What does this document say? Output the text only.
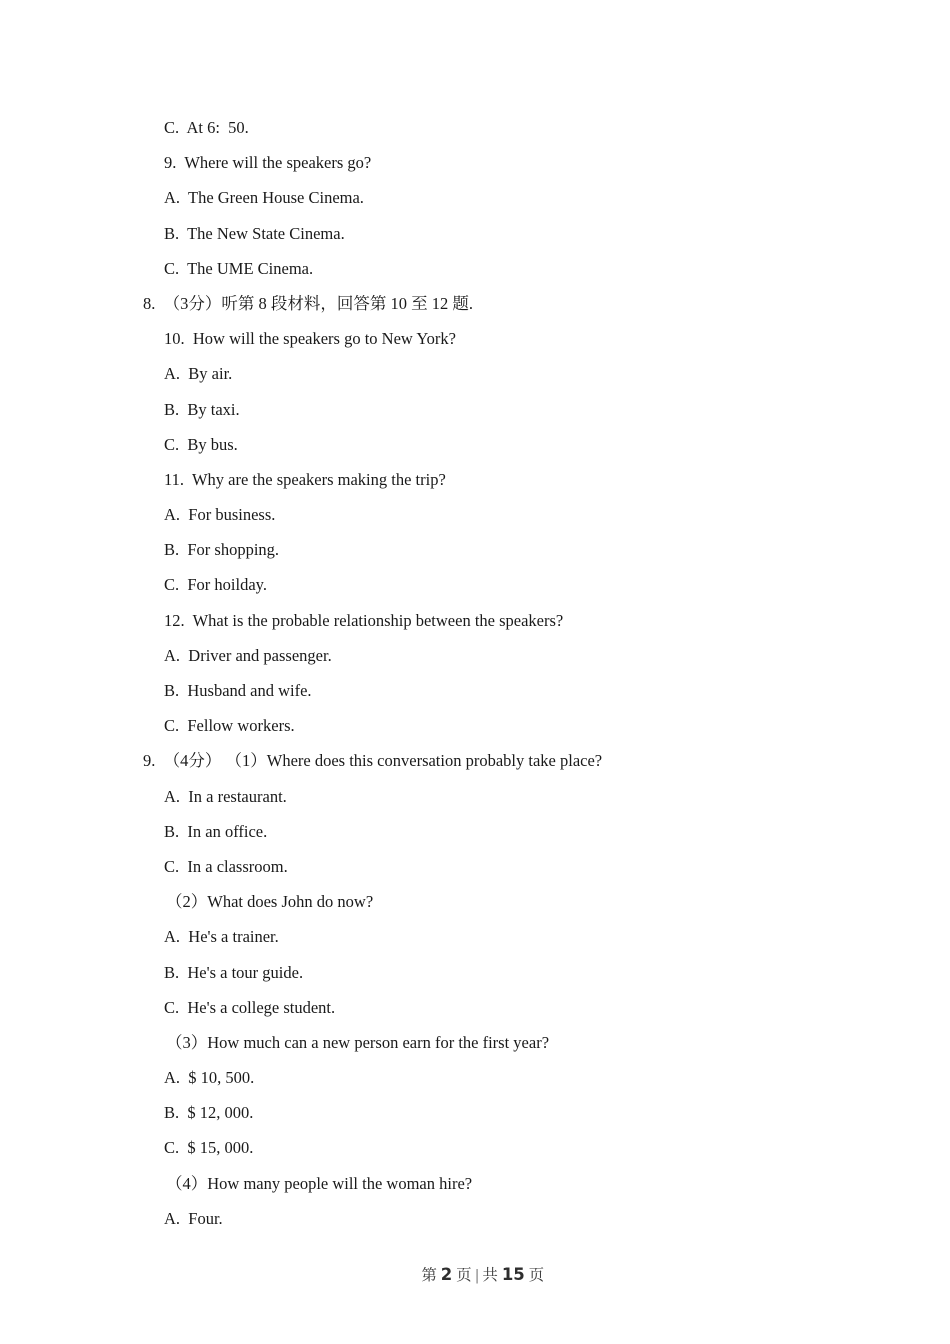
C.  At 6:  50.
9.  Where will the speakers go?
A.  The Green House Cinema.
B.  The New State Cinema.
C.  The UME Cinema.
8.  （3分）听第 8 段材料，回答第 10 至 12 题.
10.  How will the speakers go to New York?
A.  By air.
B.  By taxi.
C.  By bus.
11.  Why are the speakers making the trip?
A.  For business.
B.  For shopping.
C.  For hoilday.
12.  What is the probable relationship between the speakers?
A.  Driver and passenger.
B.  Husband and wife.
C.  Fellow workers.
9.  （4分） （1）Where does this conversation probably take place?
A.  In a restaurant.
B.  In an office.
C.  In a classroom.
（2）What does John do now?
A.  He's a trainer.
B.  He's a tour guide.
C.  He's a college student.
（3）How much can a new person earn for the first year?
A.  $ 10, 500.
B.  $ 12, 000.
C.  $ 15, 000.
（4）How many people will the woman hire?
A.  Four.

第 2 页 | 共 15 页
